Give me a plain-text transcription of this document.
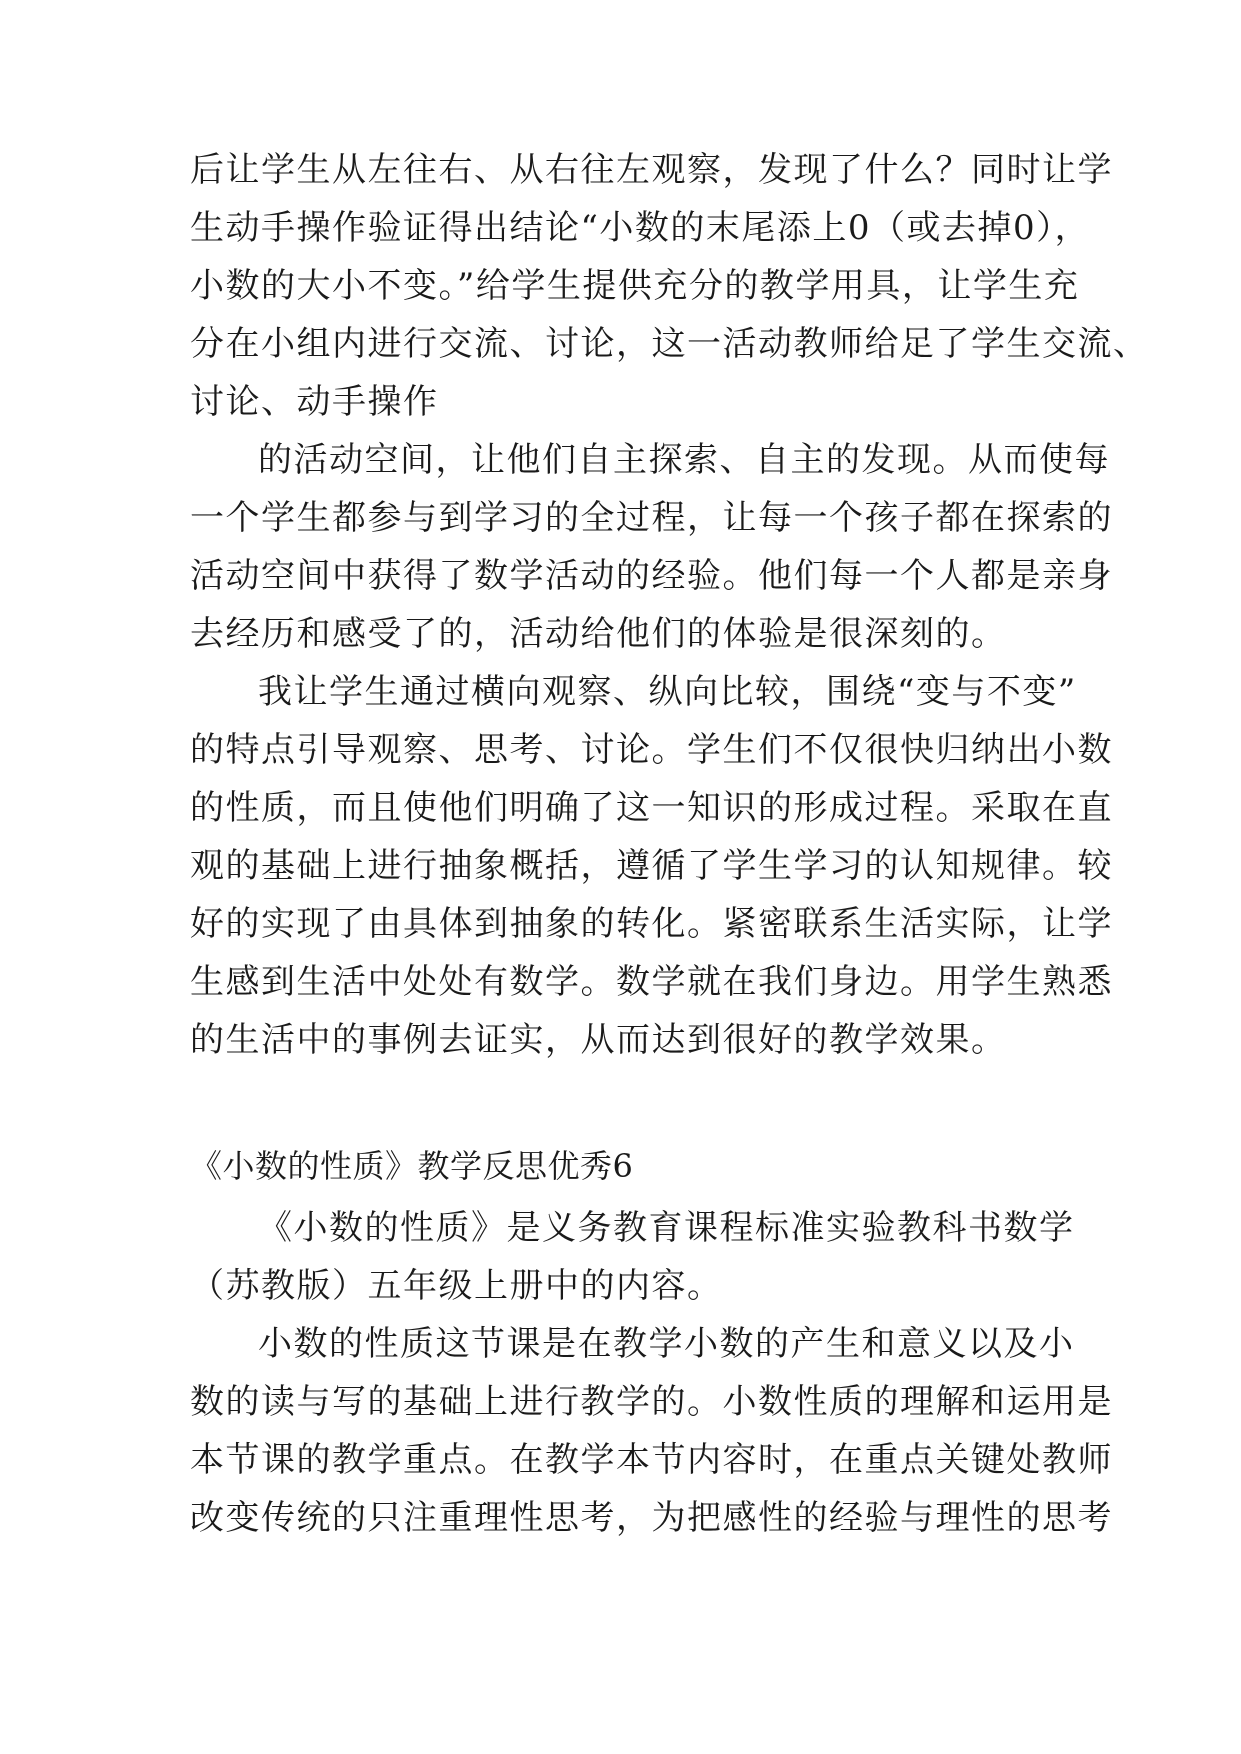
后让学生从左往右、从右往左观察，发现了什么？同时让学
生动手操作验证得出结论“小数的末尾添上0（或去掉0），
小数的大小不变。”给学生提供充分的教学用具，让学生充
分在小组内进行交流、讨论，这一活动教师给足了学生交流、
讨论、动手操作
的活动空间，让他们自主探索、自主的发现。从而使每
一个学生都参与到学习的全过程，让每一个孩子都在探索的
活动空间中获得了数学活动的经验。他们每一个人都是亲身
去经历和感受了的，活动给他们的体验是很深刻的。
我让学生通过横向观察、纵向比较，围绕“变与不变”
的特点引导观察、思考、讨论。学生们不仅很快归纳出小数
的性质，而且使他们明确了这一知识的形成过程。采取在直
观的基础上进行抽象概括，遵循了学生学习的认知规律。较
好的实现了由具体到抽象的转化。紧密联系生活实际，让学
生感到生活中处处有数学。数学就在我们身边。用学生熟悉
的生活中的事例去证实，从而达到很好的教学效果。
《小数的性质》教学反思优秀6
《小数的性质》是义务教育课程标准实验教科书数学
（苏教版）五年级上册中的内容。
小数的性质这节课是在教学小数的产生和意义以及小
数的读与写的基础上进行教学的。小数性质的理解和运用是
本节课的教学重点。在教学本节内容时，在重点关键处教师
改变传统的只注重理性思考，为把感性的经验与理性的思考
